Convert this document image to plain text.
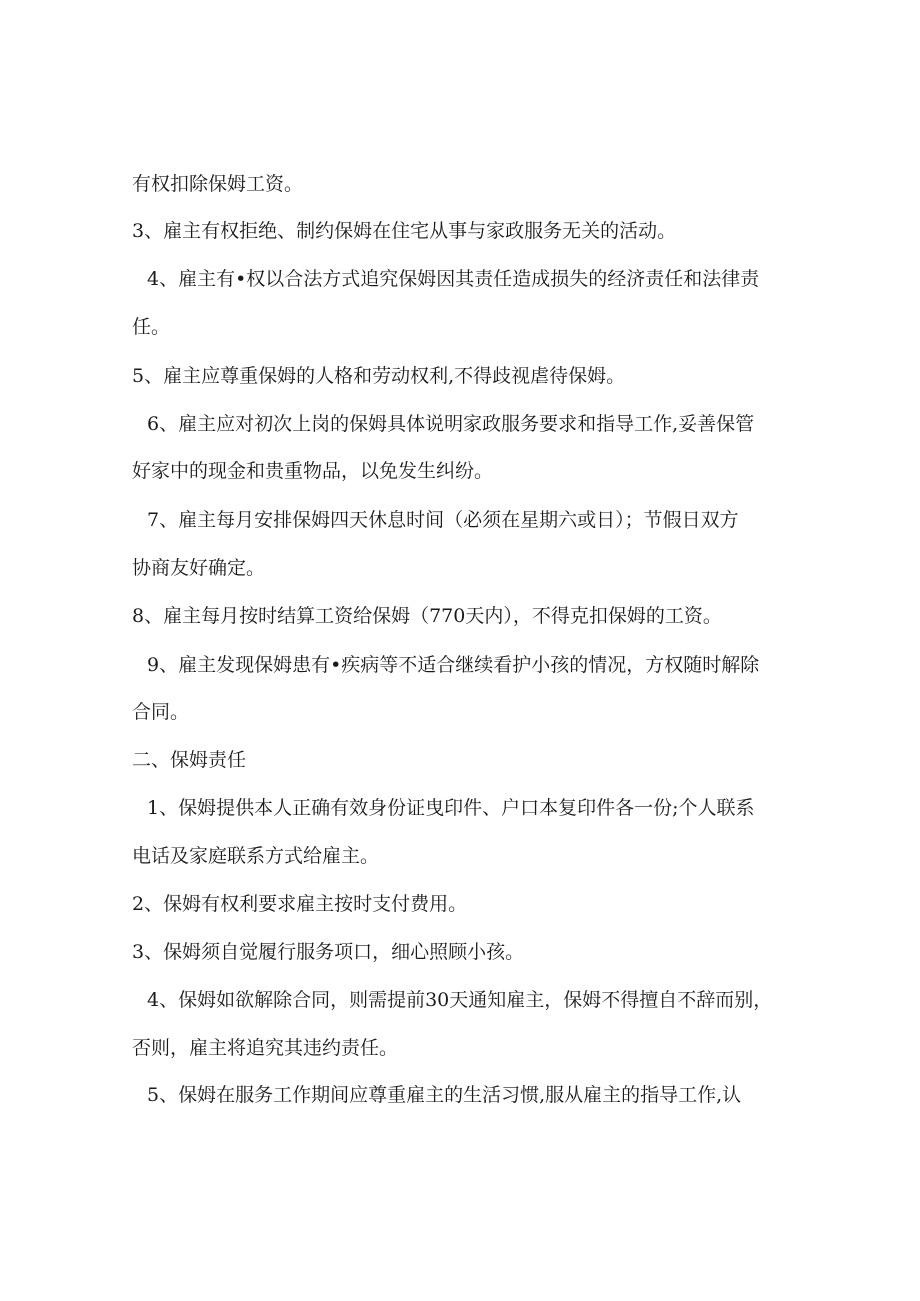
有权扣除保姆工资。
3、雇主有权拒绝、制约保姆在住宅从事与家政服务无关的活动。
4、雇主有•权以合法方式追究保姆因其责任造成损失的经济责任和法律责
任。
5、雇主应尊重保姆的人格和劳动权利,不得歧视虐待保姆。
6、雇主应对初次上岗的保姆具体说明家政服务要求和指导工作,妥善保管
好家中的现金和贵重物品，以免发生纠纷。
7、雇主每月安排保姆四天休息时间（必须在星期六或日）；节假日双方
协商友好确定。
8、雇主每月按时结算工资给保姆（770天内），不得克扣保姆的工资。
9、雇主发现保姆患有•疾病等不适合继续看护小孩的情况，方权随时解除
合同。
二、保姆责任
1、保姆提供本人正确有效身份证曳印件、户口本复印件各一份;个人联系
电话及家庭联系方式给雇主。
2、保姆有权利要求雇主按时支付费用。
3、保姆须自觉履行服务项口，细心照顾小孩。
4、保姆如欲解除合同，则需提前30天通知雇主，保姆不得擅自不辞而别，
否则，雇主将追究其违约责任。
5、保姆在服务工作期间应尊重雇主的生活习惯,服从雇主的指导工作,认
